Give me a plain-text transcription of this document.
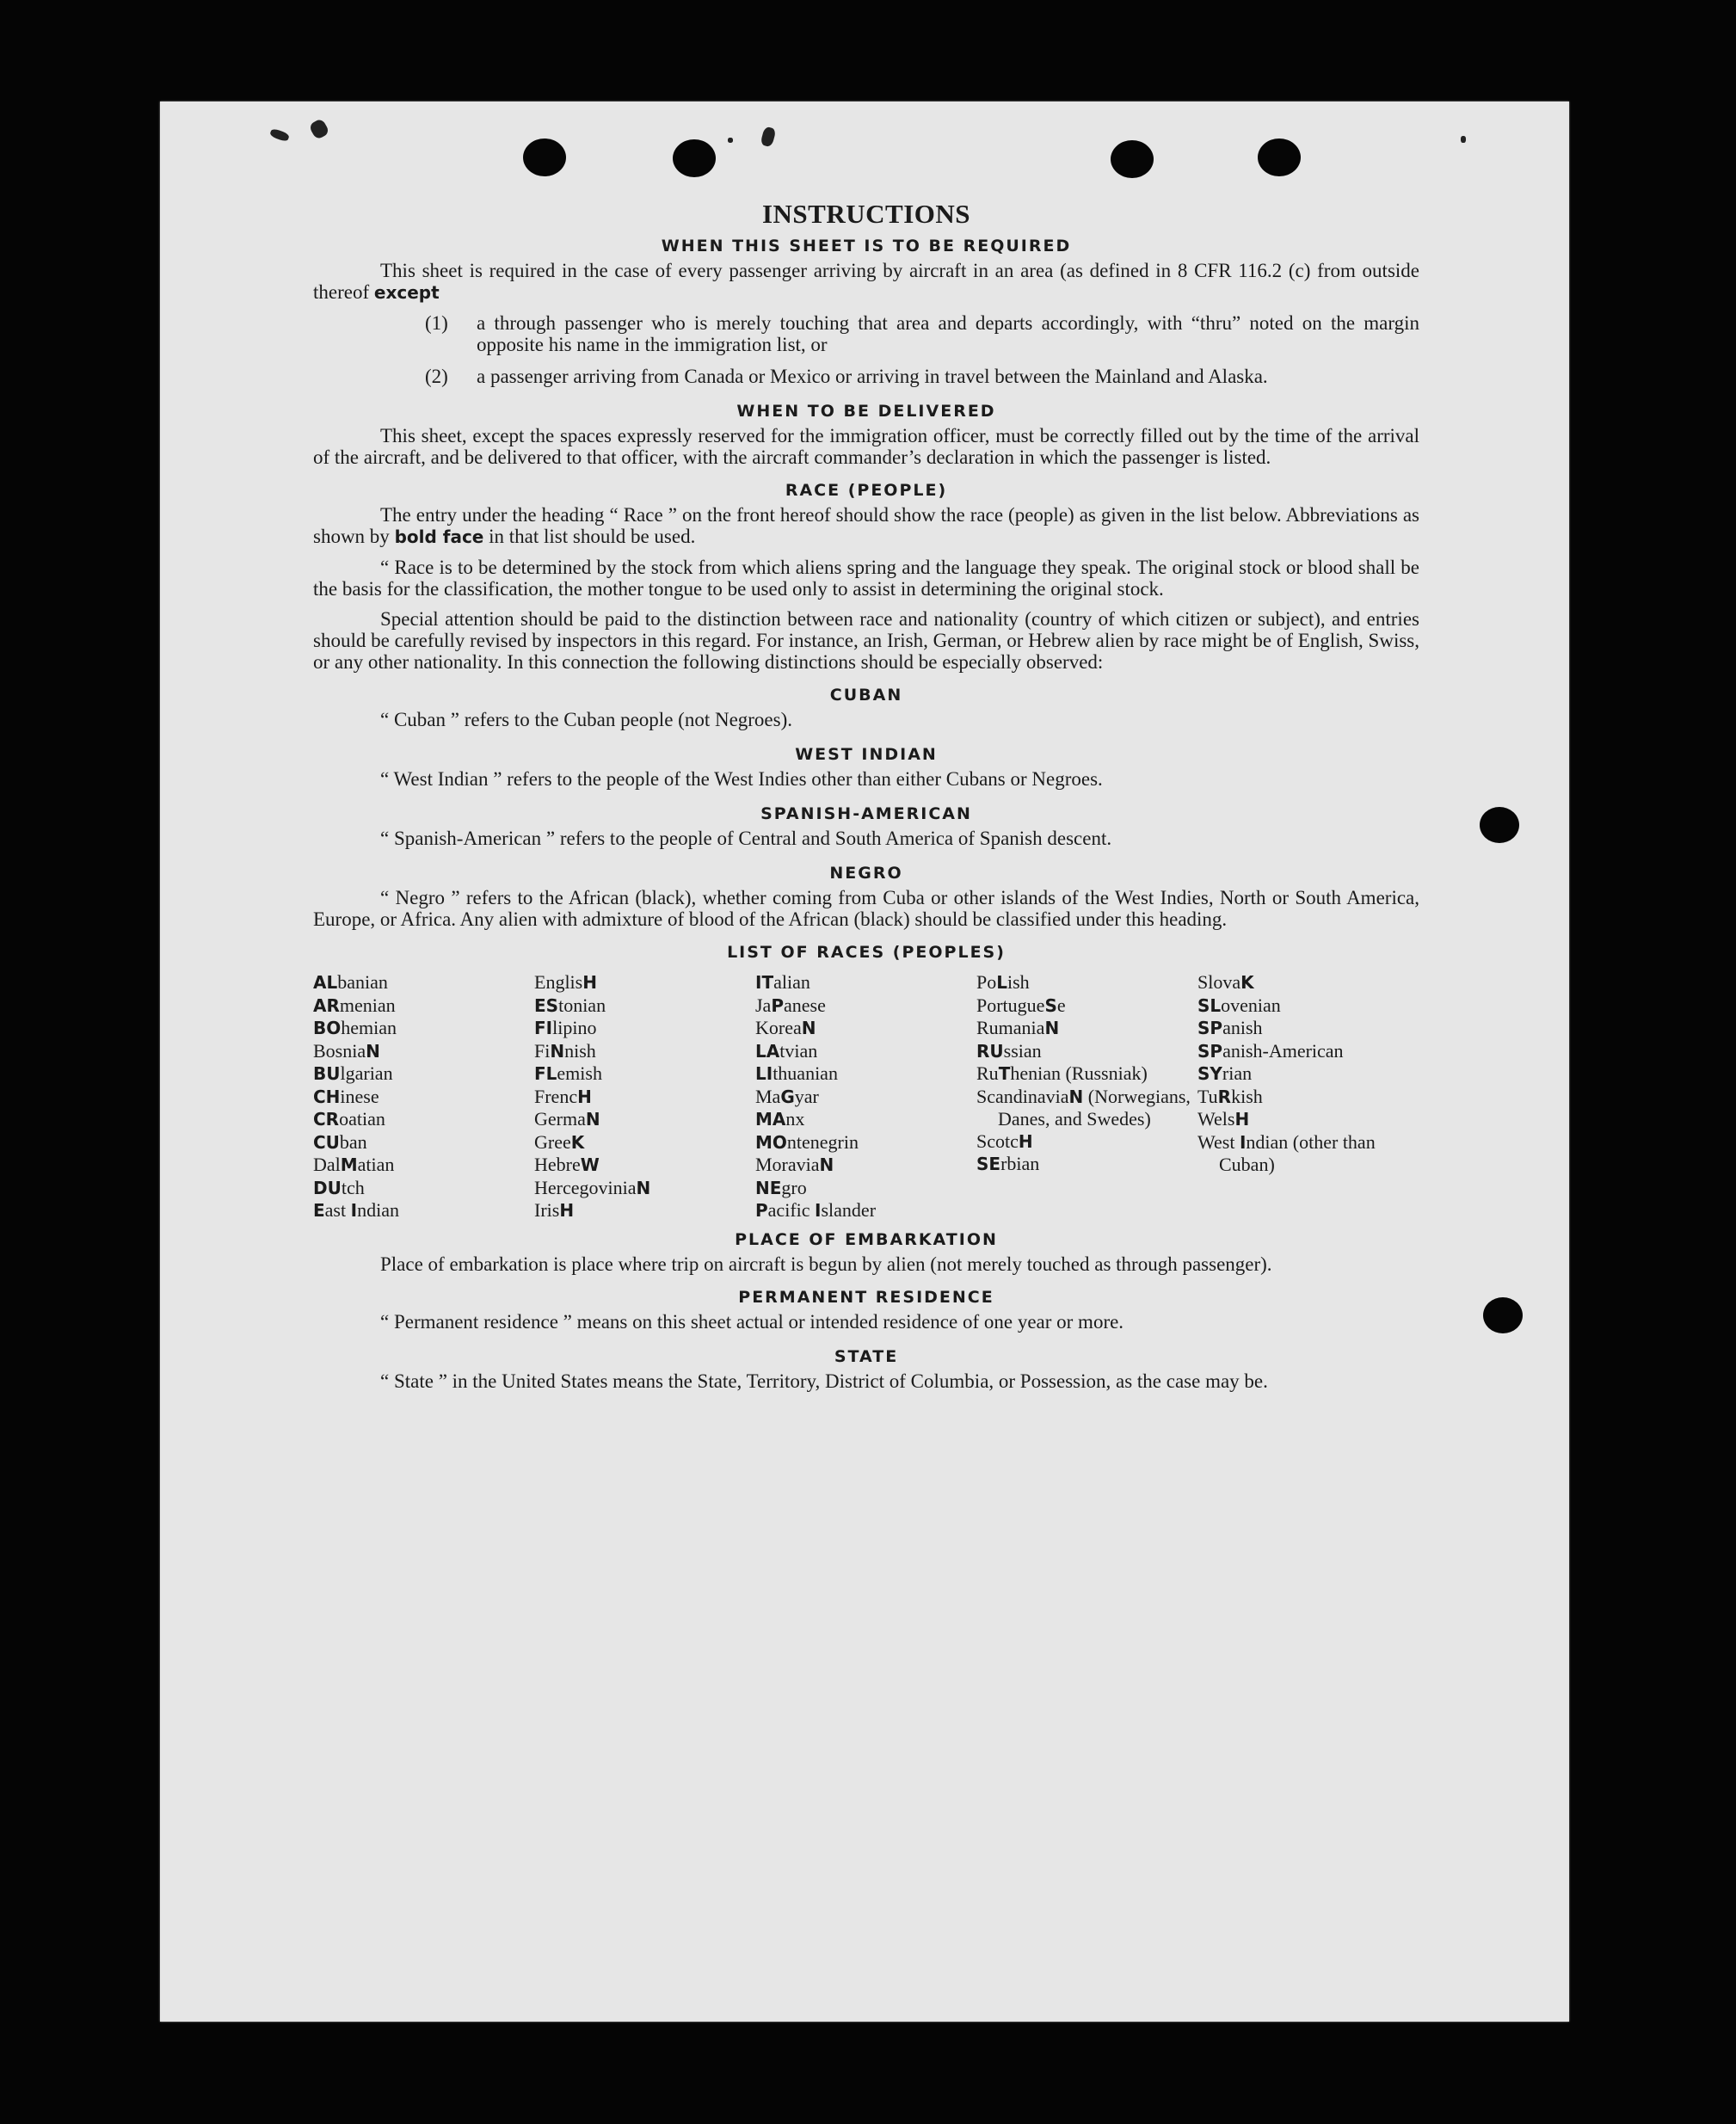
INSTRUCTIONS
WHEN THIS SHEET IS TO BE REQUIRED

This sheet is required in the case of every passenger arriving by aircraft in an area (as defined in 8 CFR 116.2 (c) from outside thereof except

(1)	a through passenger who is merely touching that area and departs accordingly, with “thru” noted on the margin opposite his name in the immigration list, or
(2)	a passenger arriving from Canada or Mexico or arriving in travel between the Mainland and Alaska.
WHEN TO BE DELIVERED

This sheet, except the spaces expressly reserved for the immigration officer, must be correctly filled out by the time of the arrival of the aircraft, and be delivered to that officer, with the aircraft commander’s declaration in which the passenger is listed.

RACE (PEOPLE)

The entry under the heading “ Race ” on the front hereof should show the race (people) as given in the list below. Abbreviations as shown by bold face in that list should be used.

“ Race is to be determined by the stock from which aliens spring and the language they speak. The original stock or blood shall be the basis for the classification, the mother tongue to be used only to assist in determining the original stock.

Special attention should be paid to the distinction between race and nationality (country of which citizen or subject), and entries should be carefully revised by inspectors in this regard. For instance, an Irish, German, or Hebrew alien by race might be of English, Swiss, or any other nationality. In this connection the following distinctions should be especially observed:

CUBAN

“ Cuban ” refers to the Cuban people (not Negroes).

WEST INDIAN

“ West Indian ” refers to the people of the West Indies other than either Cubans or Negroes.

SPANISH-AMERICAN

“ Spanish-American ” refers to the people of Central and South America of Spanish descent.

NEGRO

“ Negro ” refers to the African (black), whether coming from Cuba or other islands of the West Indies, North or South America, Europe, or Africa. Any alien with admixture of blood of the African (black) should be classified under this heading.

LIST OF RACES (PEOPLES)
ALbanian
ARmenian
BOhemian
BosniaN
BUlgarian
CHinese
CRoatian
CUban
DalMatian
DUtch
East Indian
EnglisH
EStonian
FIlipino
FiNnish
FLemish
FrencH
GermaN
GreeK
HebreW
HercegoviniaN
IrisH
ITalian
JaPanese
KoreaN
LAtvian
LIthuanian
MaGyar
MAnx
MOntenegrin
MoraviaN
NEgro
Pacific Islander
PoLish
PortugueSe
RumaniaN
RUssian
RuThenian (Russniak)
ScandinaviaN (Norwegians, Danes, and Swedes)
ScotcH
SErbian
SlovaK
SLovenian
SPanish
SPanish-American
SYrian
TuRkish
WelsH
West Indian (other than Cuban)
PLACE OF EMBARKATION

Place of embarkation is place where trip on aircraft is begun by alien (not merely touched as through passenger).

PERMANENT RESIDENCE

“ Permanent residence ” means on this sheet actual or intended residence of one year or more.

STATE

“ State ” in the United States means the State, Territory, District of Columbia, or Possession, as the case may be.
